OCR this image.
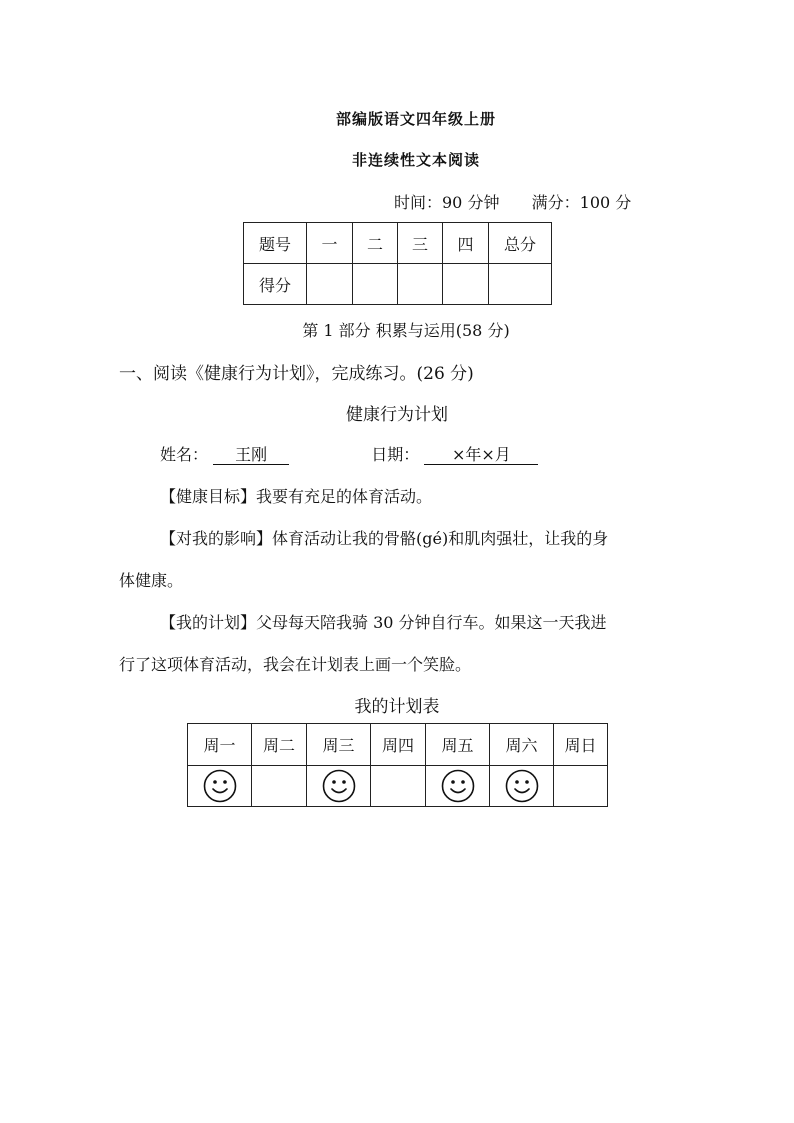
部编版语文四年级上册
非连续性文本阅读
时间：90 分钟 满分：100 分
题号	一	二	三	四	总分
得分					
第 1 部分 积累与运用(58 分)
一、阅读《健康行为计划》，完成练习。(26 分)
健康行为计划
姓名： 王刚	日期： ×年×月
【健康目标】我要有充足的体育活动。
【对我的影响】体育活动让我的骨骼(gé)和肌肉强壮，让我的身
体健康。
【我的计划】父母每天陪我骑 30 分钟自行车。如果这一天我进
行了这项体育活动，我会在计划表上画一个笑脸。
我的计划表
周一	周二	周三	周四	周五	周六	周日
